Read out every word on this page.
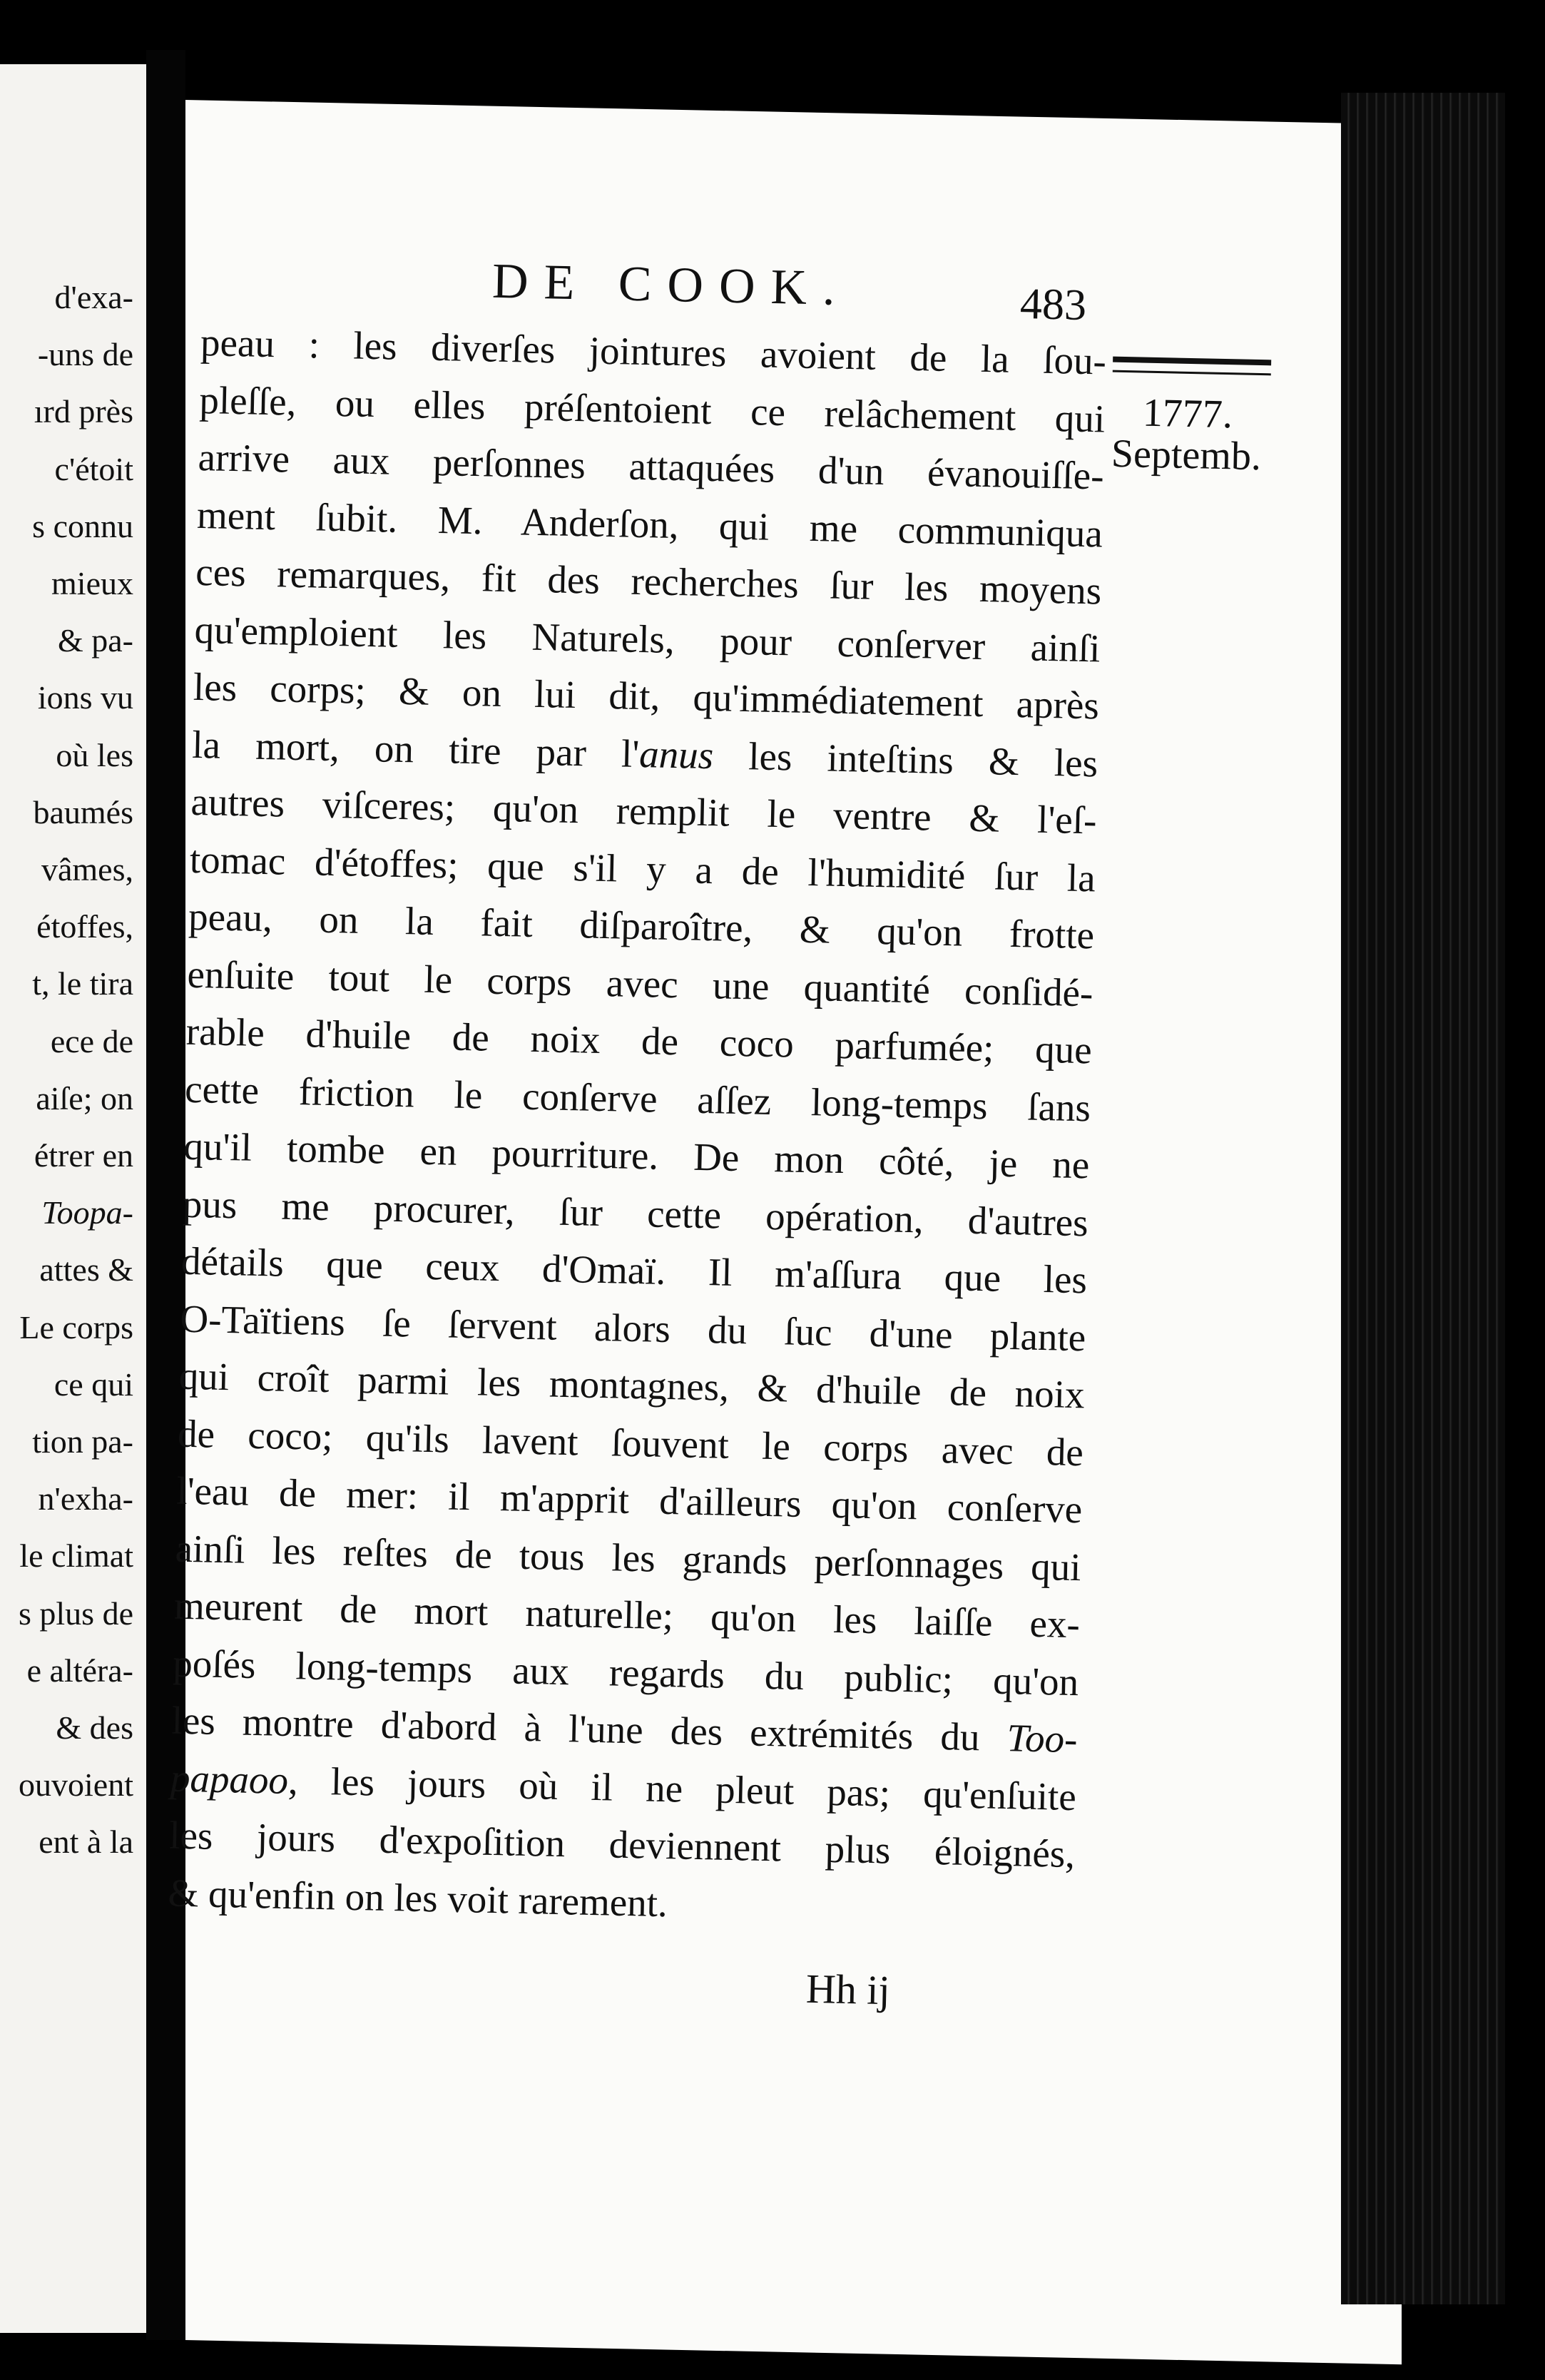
d'exa-
-uns de
ırd près
c'étoit
s connu
mieux
& pa-
ions vu
où les
baumés
vâmes,
étoffes,
t, le tira
ece de
aiſe; on
étrer en
Toopa-
attes &
Le corps
ce qui
tion pa-
n'exha-
le climat
s plus de
e altéra-
& des
ouvoient
ent à la
DE COOK.	483
1777.
Septemb.
peau : les diverſes jointures avoient de la ſou-
pleſſe, ou elles préſentoient ce relâchement qui
arrive aux perſonnes attaquées d'un évanouiſſe-
ment ſubit. M. Anderſon, qui me communiqua
ces remarques, fit des recherches ſur les moyens
qu'emploient les Naturels, pour conſerver ainſi
les corps; & on lui dit, qu'immédiatement après
la mort, on tire par l'anus les inteſtins & les
autres viſceres; qu'on remplit le ventre & l'eſ-
tomac d'étoffes; que s'il y a de l'humidité ſur la
peau, on la fait diſparoître, & qu'on frotte
enſuite tout le corps avec une quantité conſidé-
rable d'huile de noix de coco parfumée; que
cette friction le conſerve aſſez long-temps ſans
qu'il tombe en pourriture. De mon côté, je ne
pus me procurer, ſur cette opération, d'autres
détails que ceux d'Omaï. Il m'aſſura que les
O-Taïtiens ſe ſervent alors du ſuc d'une plante
qui croît parmi les montagnes, & d'huile de noix
de coco; qu'ils lavent ſouvent le corps avec de
l'eau de mer: il m'apprit d'ailleurs qu'on conſerve
ainſi les reſtes de tous les grands perſonnages qui
meurent de mort naturelle; qu'on les laiſſe ex-
poſés long-temps aux regards du public; qu'on
les montre d'abord à l'une des extrémités du Too-
papaoo, les jours où il ne pleut pas; qu'enſuite
les jours d'expoſition deviennent plus éloignés,
& qu'enfin on les voit rarement.
Hh ij
